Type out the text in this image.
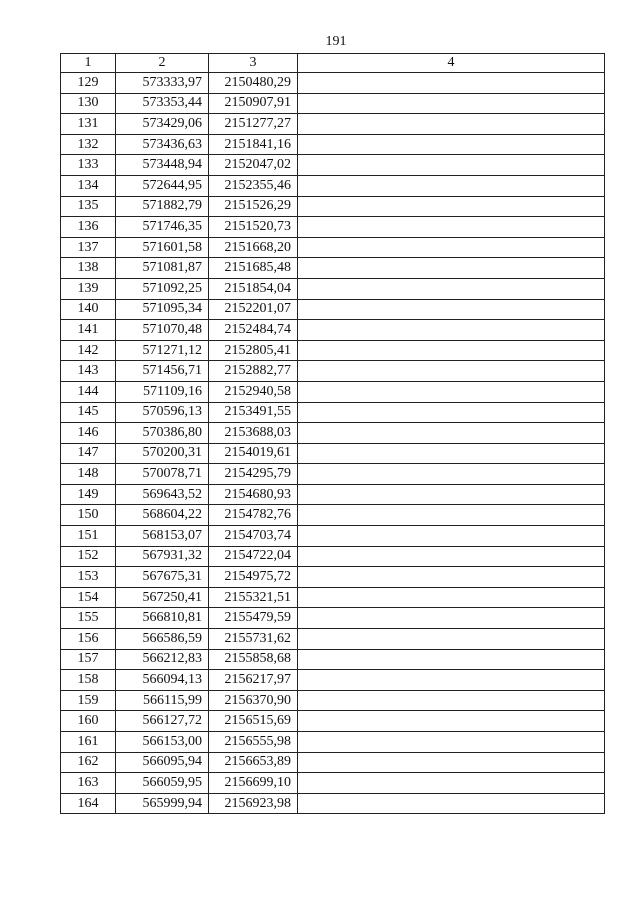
191
1	2	3	4
129	573333,97	2150480,29	
130	573353,44	2150907,91	
131	573429,06	2151277,27	
132	573436,63	2151841,16	
133	573448,94	2152047,02	
134	572644,95	2152355,46	
135	571882,79	2151526,29	
136	571746,35	2151520,73	
137	571601,58	2151668,20	
138	571081,87	2151685,48	
139	571092,25	2151854,04	
140	571095,34	2152201,07	
141	571070,48	2152484,74	
142	571271,12	2152805,41	
143	571456,71	2152882,77	
144	571109,16	2152940,58	
145	570596,13	2153491,55	
146	570386,80	2153688,03	
147	570200,31	2154019,61	
148	570078,71	2154295,79	
149	569643,52	2154680,93	
150	568604,22	2154782,76	
151	568153,07	2154703,74	
152	567931,32	2154722,04	
153	567675,31	2154975,72	
154	567250,41	2155321,51	
155	566810,81	2155479,59	
156	566586,59	2155731,62	
157	566212,83	2155858,68	
158	566094,13	2156217,97	
159	566115,99	2156370,90	
160	566127,72	2156515,69	
161	566153,00	2156555,98	
162	566095,94	2156653,89	
163	566059,95	2156699,10	
164	565999,94	2156923,98	
